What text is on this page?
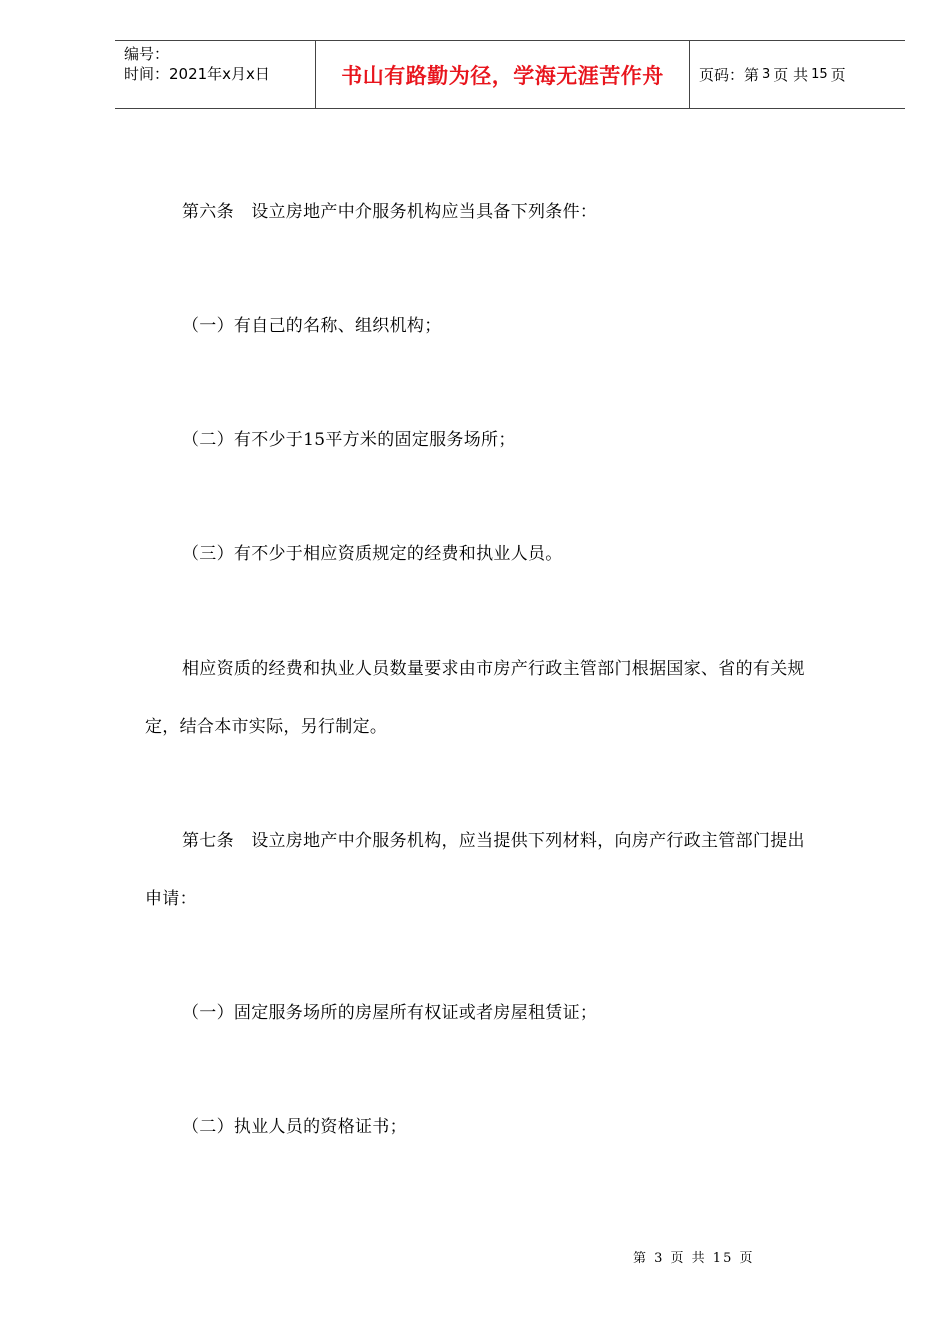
编号：
时间：2021年x月x日	书山有路勤为径，学海无涯苦作舟 页码：第 3 页 共 15 页
第六条　设立房地产中介服务机构应当具备下列条件：
（一）有自己的名称、组织机构；
（二）有不少于15平方米的固定服务场所；
（三）有不少于相应资质规定的经费和执业人员。
相应资质的经费和执业人员数量要求由市房产行政主管部门根据国家、省的有关规
定，结合本市实际，另行制定。
第七条　设立房地产中介服务机构，应当提供下列材料，向房产行政主管部门提出
申请：
（一）固定服务场所的房屋所有权证或者房屋租赁证；
（二）执业人员的资格证书；
第 3 页 共 15 页
